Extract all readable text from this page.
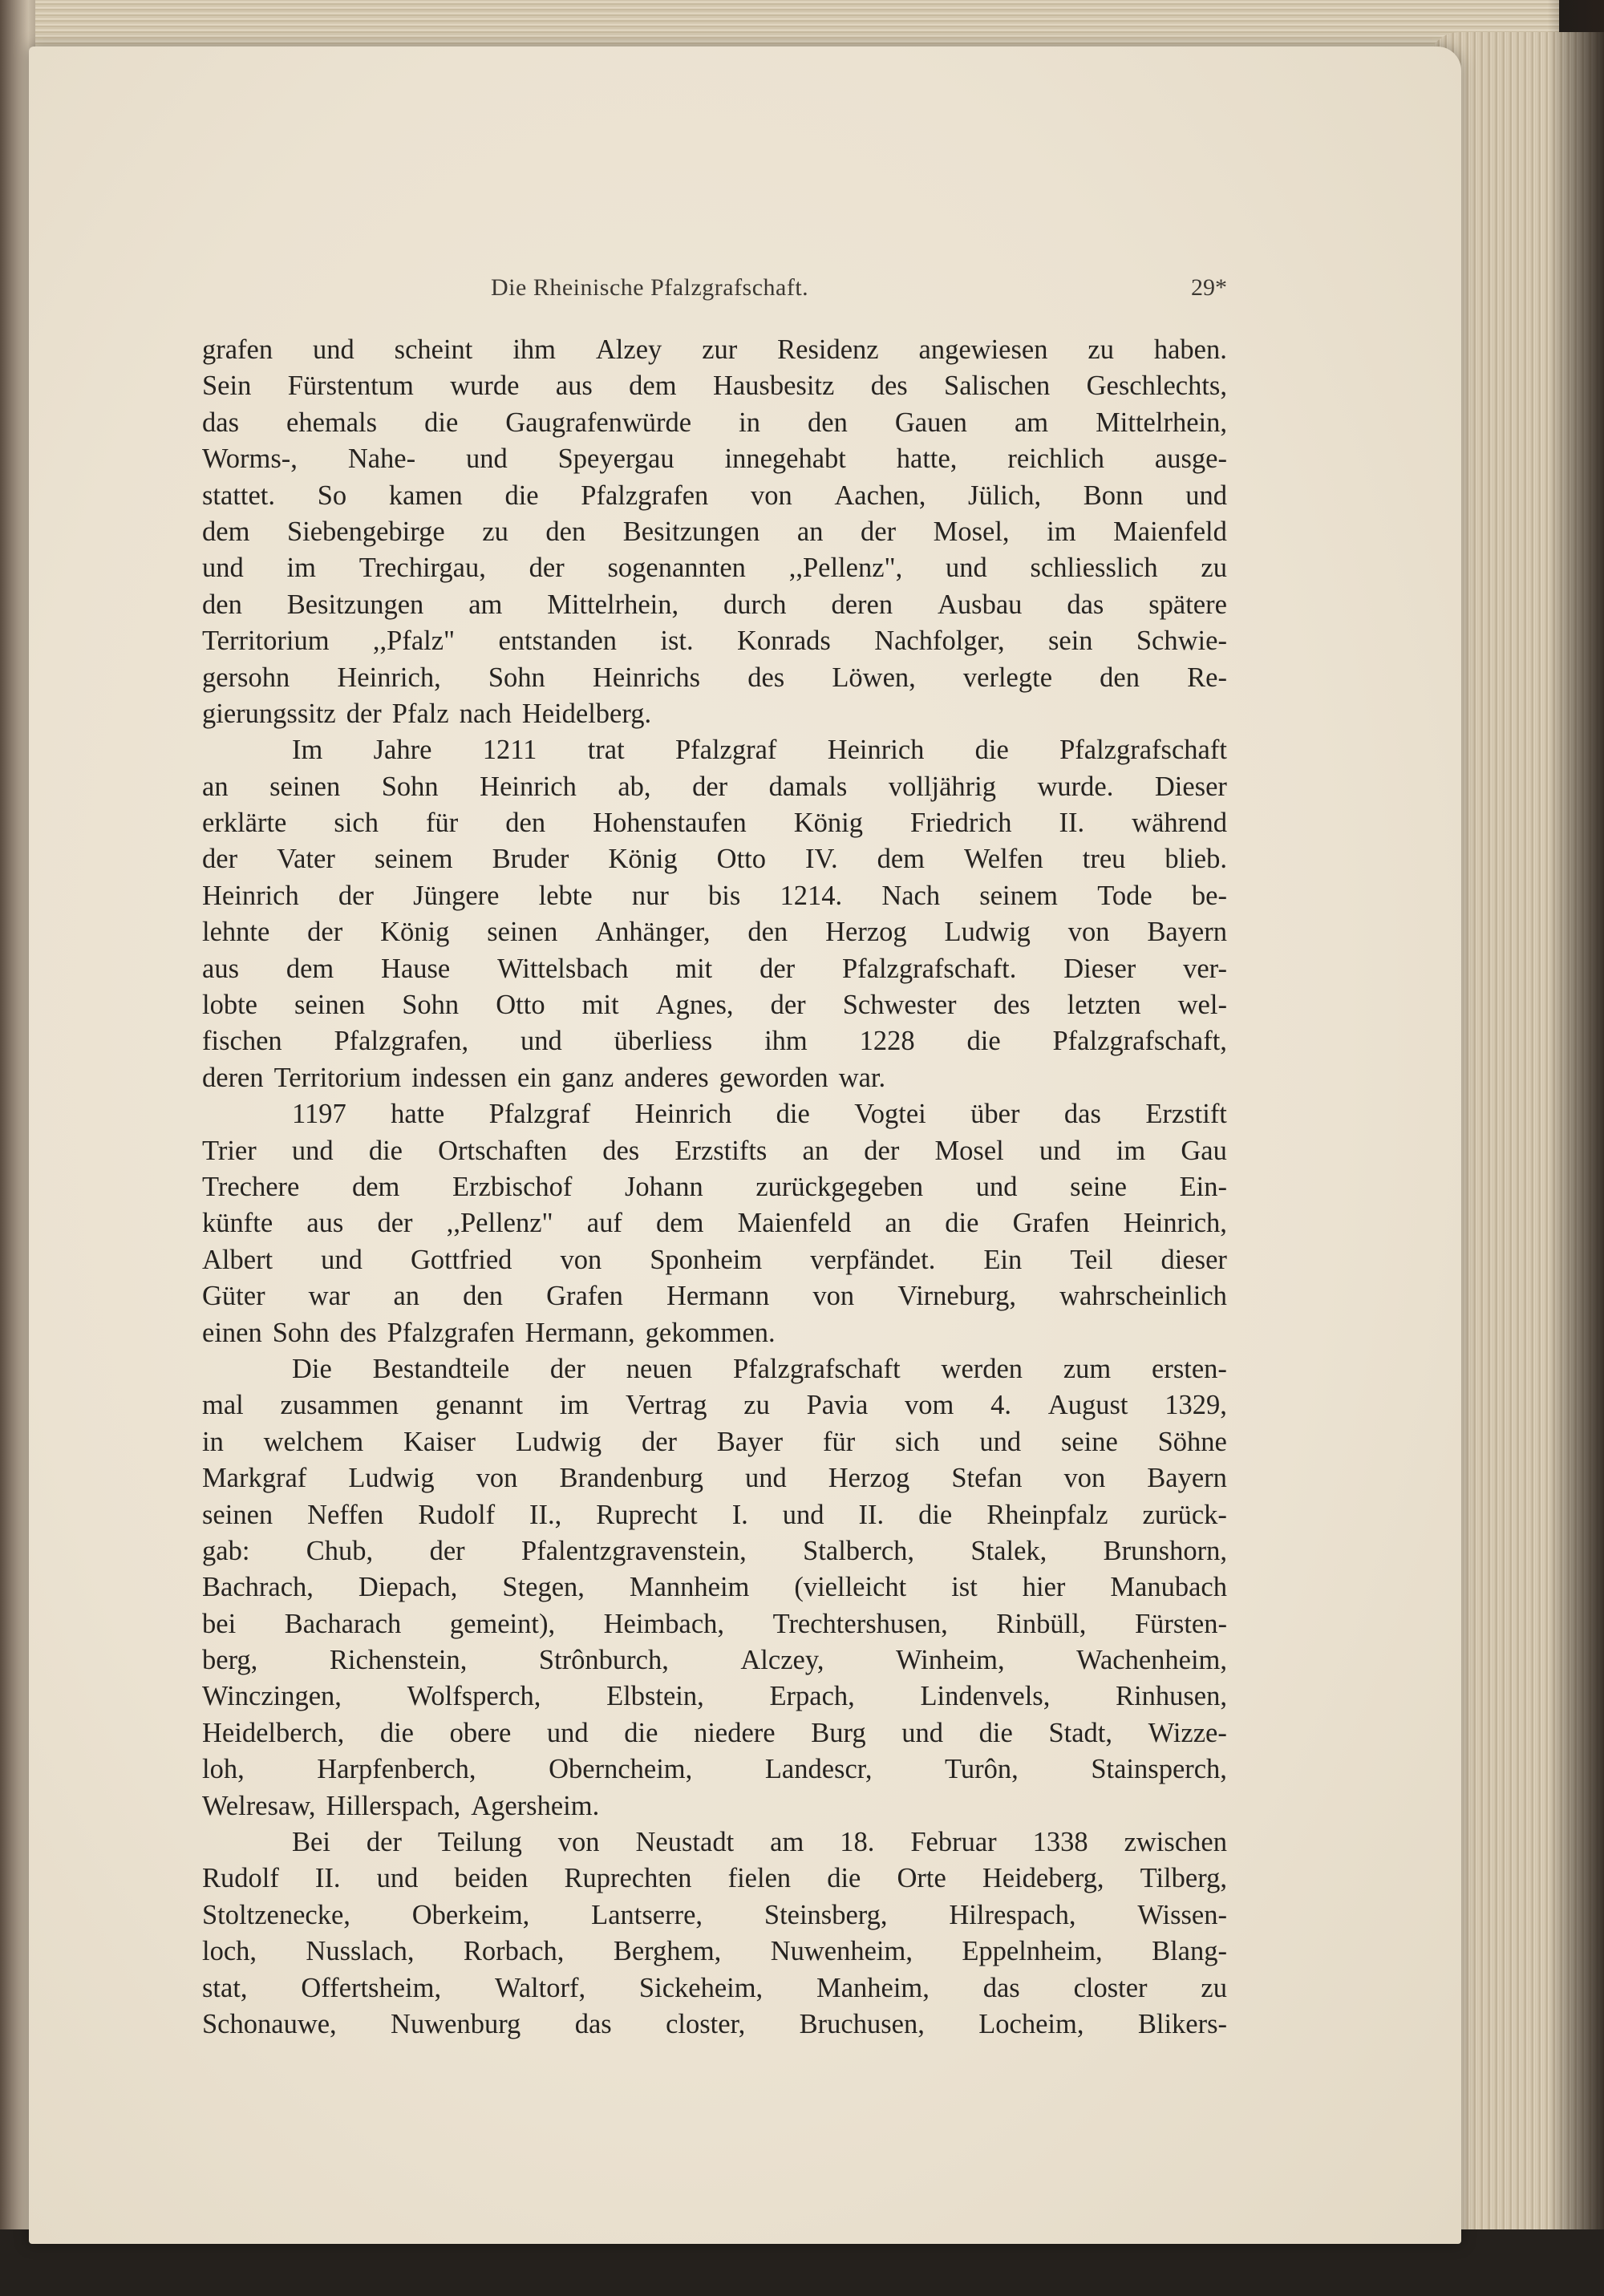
Die Rheinische Pfalzgrafschaft.	29*
grafen und scheint ihm Alzey zur Residenz angewiesen zu haben.
Sein Fürstentum wurde aus dem Hausbesitz des Salischen Geschlechts,
das ehemals die Gaugrafenwürde in den Gauen am Mittelrhein,
Worms-, Nahe- und Speyergau innegehabt hatte, reichlich ausge-
stattet. So kamen die Pfalzgrafen von Aachen, Jülich, Bonn und
dem Siebengebirge zu den Besitzungen an der Mosel, im Maienfeld
und im Trechirgau, der sogenannten ,,Pellenz", und schliesslich zu
den Besitzungen am Mittelrhein, durch deren Ausbau das spätere
Territorium ,,Pfalz" entstanden ist. Konrads Nachfolger, sein Schwie-
gersohn Heinrich, Sohn Heinrichs des Löwen, verlegte den Re-
gierungssitz der Pfalz nach Heidelberg.
Im Jahre 1211 trat Pfalzgraf Heinrich die Pfalzgrafschaft
an seinen Sohn Heinrich ab, der damals volljährig wurde. Dieser
erklärte sich für den Hohenstaufen König Friedrich II. während
der Vater seinem Bruder König Otto IV. dem Welfen treu blieb.
Heinrich der Jüngere lebte nur bis 1214. Nach seinem Tode be-
lehnte der König seinen Anhänger, den Herzog Ludwig von Bayern
aus dem Hause Wittelsbach mit der Pfalzgrafschaft. Dieser ver-
lobte seinen Sohn Otto mit Agnes, der Schwester des letzten wel-
fischen Pfalzgrafen, und überliess ihm 1228 die Pfalzgrafschaft,
deren Territorium indessen ein ganz anderes geworden war.
1197 hatte Pfalzgraf Heinrich die Vogtei über das Erzstift
Trier und die Ortschaften des Erzstifts an der Mosel und im Gau
Trechere dem Erzbischof Johann zurückgegeben und seine Ein-
künfte aus der ,,Pellenz" auf dem Maienfeld an die Grafen Heinrich,
Albert und Gottfried von Sponheim verpfändet. Ein Teil dieser
Güter war an den Grafen Hermann von Virneburg, wahrscheinlich
einen Sohn des Pfalzgrafen Hermann, gekommen.
Die Bestandteile der neuen Pfalzgrafschaft werden zum ersten-
mal zusammen genannt im Vertrag zu Pavia vom 4. August 1329,
in welchem Kaiser Ludwig der Bayer für sich und seine Söhne
Markgraf Ludwig von Brandenburg und Herzog Stefan von Bayern
seinen Neffen Rudolf II., Ruprecht I. und II. die Rheinpfalz zurück-
gab: Chub, der Pfalentzgravenstein, Stalberch, Stalek, Brunshorn,
Bachrach, Diepach, Stegen, Mannheim (vielleicht ist hier Manubach
bei Bacharach gemeint), Heimbach, Trechtershusen, Rinbüll, Fürsten-
berg,	Richenstein,	Strônburch,	Alczey,	Winheim,	Wachenheim,
Winczingen, Wolfsperch, Elbstein, Erpach, Lindenvels, Rinhusen,
Heidelberch, die obere und die niedere Burg und die Stadt, Wizze-
loh,	Harpfenberch,	Oberncheim,	Landescr,	Turôn,	Stainsperch,
Welresaw, Hillerspach, Agersheim.
Bei der Teilung von Neustadt am 18. Februar 1338 zwischen
Rudolf II. und beiden Ruprechten fielen die Orte Heideberg, Tilberg,
Stoltzenecke, Oberkeim, Lantserre, Steinsberg, Hilrespach, Wissen-
loch, Nusslach, Rorbach, Berghem, Nuwenheim, Eppelnheim, Blang-
stat, Offertsheim, Waltorf, Sickeheim, Manheim, das closter zu
Schonauwe, Nuwenburg das closter, Bruchusen, Locheim, Blikers-
